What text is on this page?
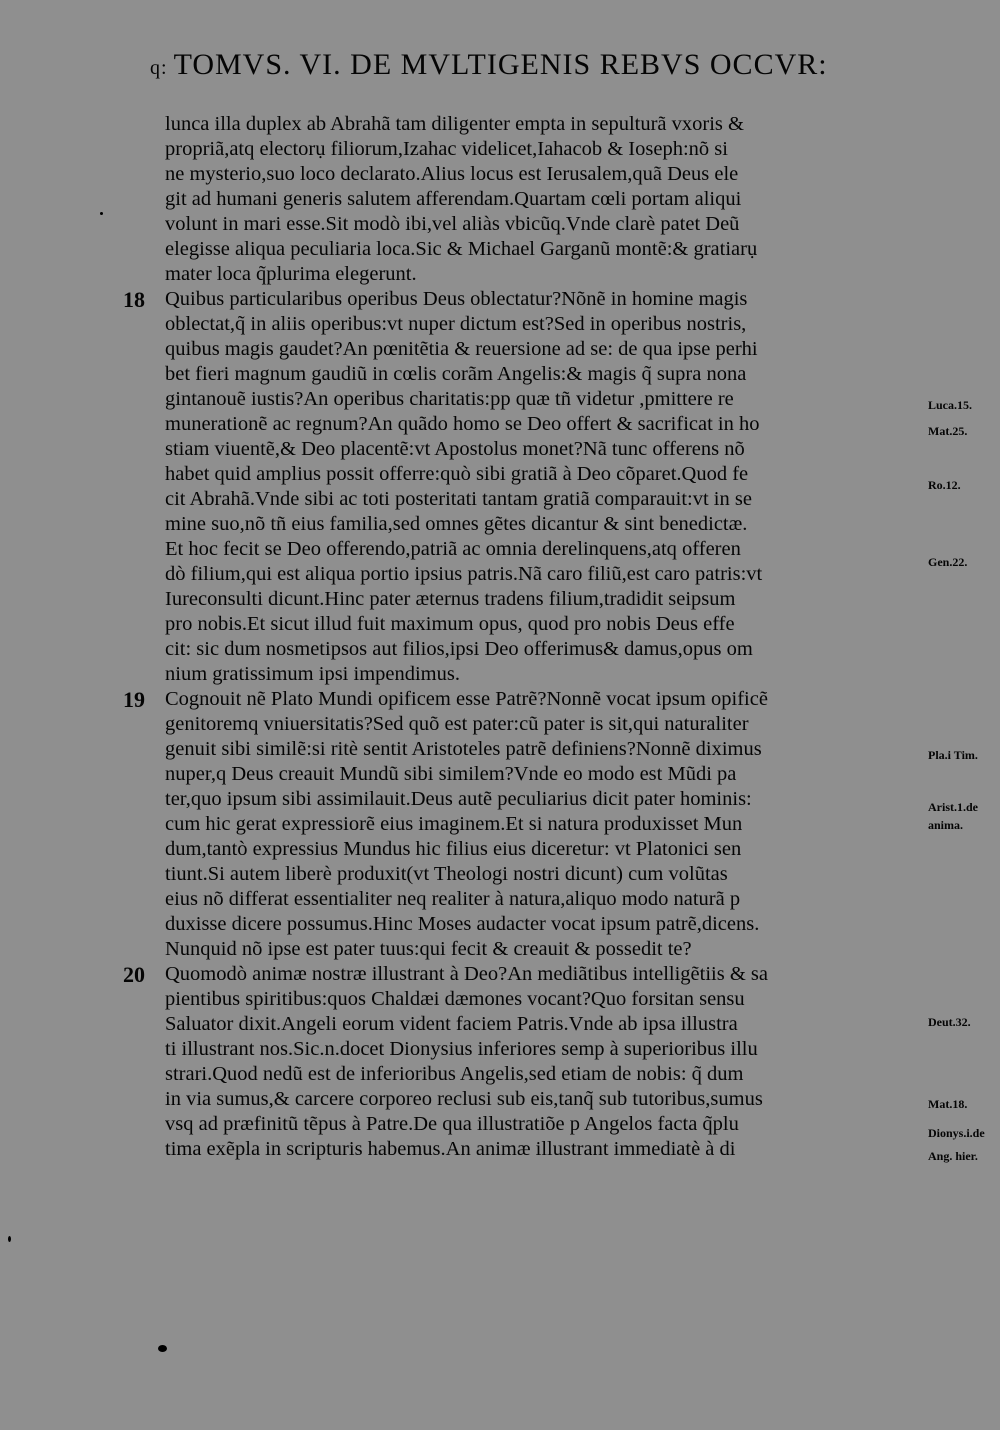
q: TOMVS. VI. DE MVLTIGENIS REBVS OCCVR:
lunca illa duplex ab Abrahã tam diligenter empta in sepulturã vxoris &
propriã,atq electorụ filiorum,Izahac videlicet,Iahacob & Ioseph:nõ si
ne mysterio,suo loco declarato.Alius locus est Ierusalem,quã Deus ele
git ad humani generis salutem afferendam.Quartam cœli portam aliqui
volunt in mari esse.Sit modò ibi,vel aliàs vbicũq.Vnde clarè patet Deũ
elegisse aliqua peculiaria loca.Sic & Michael Garganũ montẽ:& gratiarụ
mater loca q̃plurima elegerunt.
18 Quibus particularibus operibus Deus oblectatur?Nõnẽ in homine magis
oblectat,q̃ in aliis operibus:vt nuper dictum est?Sed in operibus nostris,
quibus magis gaudet?An pœnitẽtia & reuersione ad se: de qua ipse perhi
bet fieri magnum gaudiũ in cœlis corãm Angelis:& magis q̃ supra nona
gintanouẽ iustis?An operibus charitatis:pp quæ tñ videtur ,pmittere re
munerationẽ ac regnum?An quãdo homo se Deo offert & sacrificat in ho
stiam viuentẽ,& Deo placentẽ:vt Apostolus monet?Nã tunc offerens nõ
habet quid amplius possit offerre:quò sibi gratiã à Deo cõparet.Quod fe
cit Abrahã.Vnde sibi ac toti posteritati tantam gratiã comparauit:vt in se
mine suo,nõ tñ eius familia,sed omnes gẽtes dicantur & sint benedictæ.
Et hoc fecit se Deo offerendo,patriã ac omnia derelinquens,atq offeren
dò filium,qui est aliqua portio ipsius patris.Nã caro filiũ,est caro patris:vt
Iureconsulti dicunt.Hinc pater æternus tradens filium,tradidit seipsum
pro nobis.Et sicut illud fuit maximum opus, quod pro nobis Deus effe
cit: sic dum nosmetipsos aut filios,ipsi Deo offerimus& damus,opus om
nium gratissimum ipsi impendimus.
19 Cognouit nẽ Plato Mundi opificem esse Patrẽ?Nonnẽ vocat ipsum opificẽ
genitoremq vniuersitatis?Sed quõ est pater:cũ pater is sit,qui naturaliter
genuit sibi similẽ:si ritè sentit Aristoteles patrẽ definiens?Nonnẽ diximus
nuper,q Deus creauit Mundũ sibi similem?Vnde eo modo est Mũdi pa
ter,quo ipsum sibi assimilauit.Deus autẽ peculiarius dicit pater hominis:
cum hic gerat expressiorẽ eius imaginem.Et si natura produxisset Mun
dum,tantò expressius Mundus hic filius eius diceretur: vt Platonici sen
tiunt.Si autem liberè produxit(vt Theologi nostri dicunt) cum volũtas
eius nõ differat essentialiter neq realiter à natura,aliquo modo naturã p
duxisse dicere possumus.Hinc Moses audacter vocat ipsum patrẽ,dicens.
Nunquid nõ ipse est pater tuus:qui fecit & creauit & possedit te?
20 Quomodò animæ nostræ illustrant à Deo?An mediãtibus intelligẽtiis & sa
pientibus spiritibus:quos Chaldæi dæmones vocant?Quo forsitan sensu
Saluator dixit.Angeli eorum vident faciem Patris.Vnde ab ipsa illustra
ti illustrant nos.Sic.n.docet Dionysius inferiores semp à superioribus illu
strari.Quod nedũ est de inferioribus Angelis,sed etiam de nobis: q̃ dum
in via sumus,& carcere corporeo reclusi sub eis,tanq̃ sub tutoribus,sumus
vsq ad præfinitũ tẽpus à Patre.De qua illustratiõe p Angelos facta q̃plu
tima exẽpla in scripturis habemus.An animæ illustrant immediatè à di
Luca.15.
Mat.25.
Ro.12.
Gen.22.
Pla.i Tim.
Arist.1.de
anima.
Deut.32.
Mat.18.
Dionys.i.de
Ang. hier.
